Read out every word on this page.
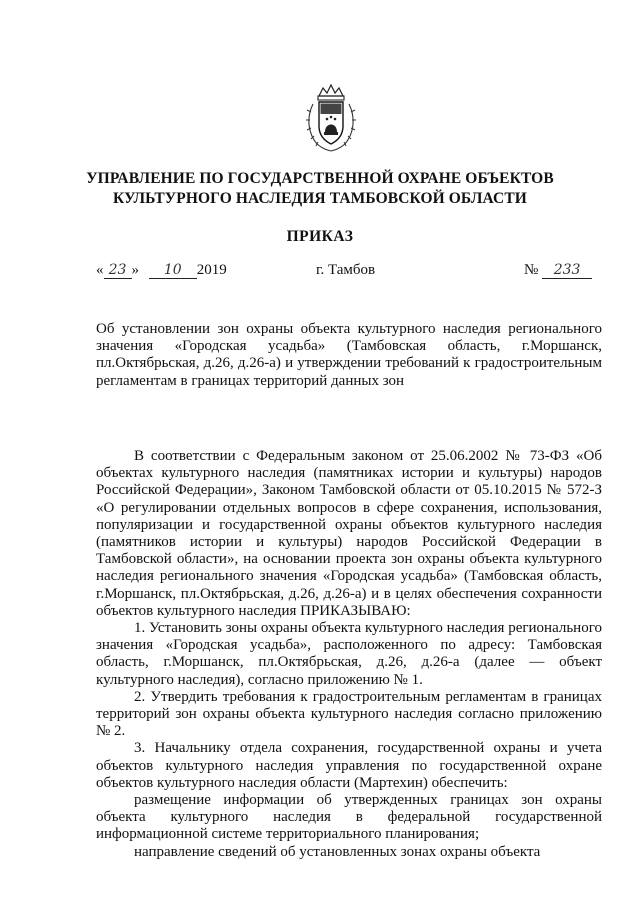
УПРАВЛЕНИЕ ПО ГОСУДАРСТВЕННОЙ ОХРАНЕ ОБЪЕКТОВ
КУЛЬТУРНОГО НАСЛЕДИЯ ТАМБОВСКОЙ ОБЛАСТИ
ПРИКАЗ
« 23 » 10 2019	г. Тамбов	№ 233
Об установлении зон охраны объекта культурного наследия регионального значения «Городская усадьба» (Тамбовская область, г.Моршанск, пл.Октябрьская, д.26, д.26-а) и утверждении требований к градостроительным регламентам в границах территорий данных зон

В соответствии с Федеральным законом от 25.06.2002 № 73-ФЗ «Об объектах культурного наследия (памятниках истории и культуры) народов Российской Федерации», Законом Тамбовской области от 05.10.2015 № 572-З «О регулировании отдельных вопросов в сфере сохранения, использования, популяризации и государственной охраны объектов культурного наследия (памятников истории и культуры) народов Российской Федерации в Тамбовской области», на основании проекта зон охраны объекта культурного наследия регионального значения «Городская усадьба» (Тамбовская область, г.Моршанск, пл.Октябрьская, д.26, д.26-а) и в целях обеспечения сохранности объектов культурного наследия ПРИКАЗЫВАЮ:

1. Установить зоны охраны объекта культурного наследия регионального значения «Городская усадьба», расположенного по адресу: Тамбовская область, г.Моршанск, пл.Октябрьская, д.26, д.26-а (далее — объект культурного наследия), согласно приложению № 1.

2. Утвердить требования к градостроительным регламентам в границах территорий зон охраны объекта культурного наследия согласно приложению № 2.

3. Начальнику отдела сохранения, государственной охраны и учета объектов культурного наследия управления по государственной охране объектов культурного наследия области (Мартехин) обеспечить:

размещение информации об утвержденных границах зон охраны объекта культурного наследия в федеральной государственной информационной системе территориального планирования;

направление сведений об установленных зонах охраны объекта
